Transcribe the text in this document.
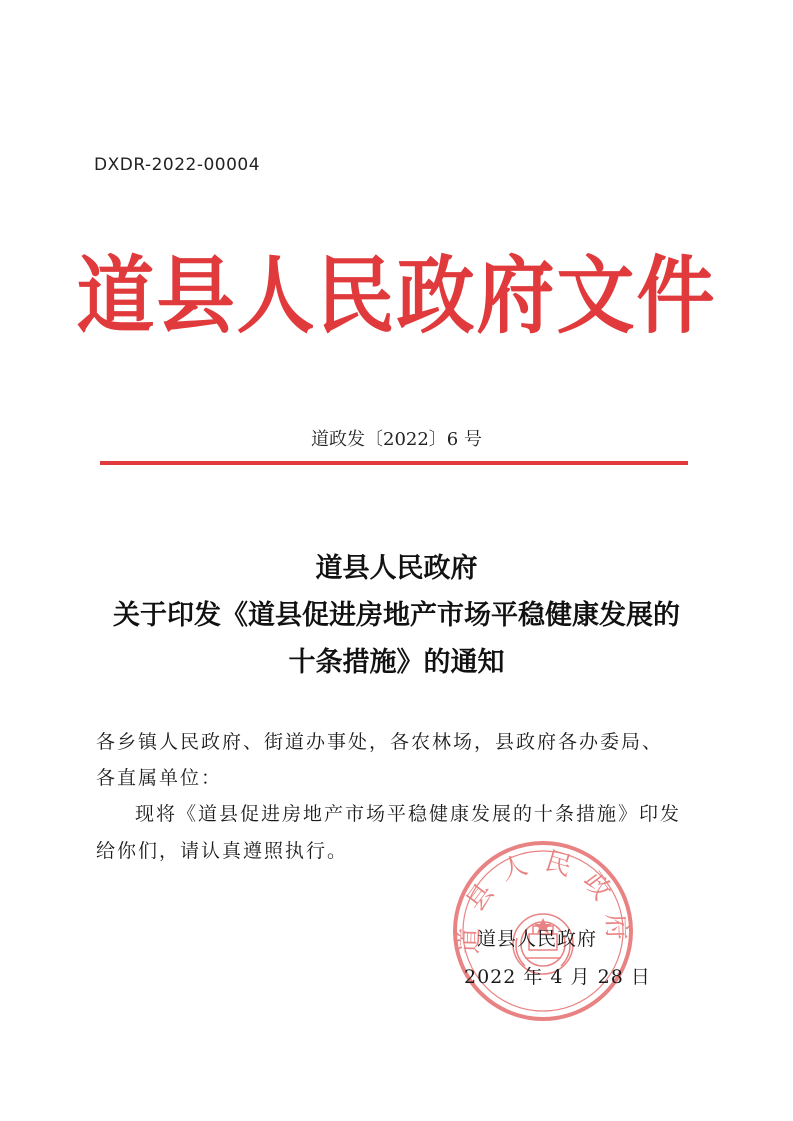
DXDR-2022-00004
道县人民政府文件
道政发〔2022〕6 号
道县人民政府
关于印发《道县促进房地产市场平稳健康发展的
十条措施》的通知
各乡镇人民政府、街道办事处，各农林场，县政府各办委局、
各直属单位：
现将《道县促进房地产市场平稳健康发展的十条措施》印发
给你们，请认真遵照执行。
道县人民政府
道县人民政府
2022 年 4 月 28 日
